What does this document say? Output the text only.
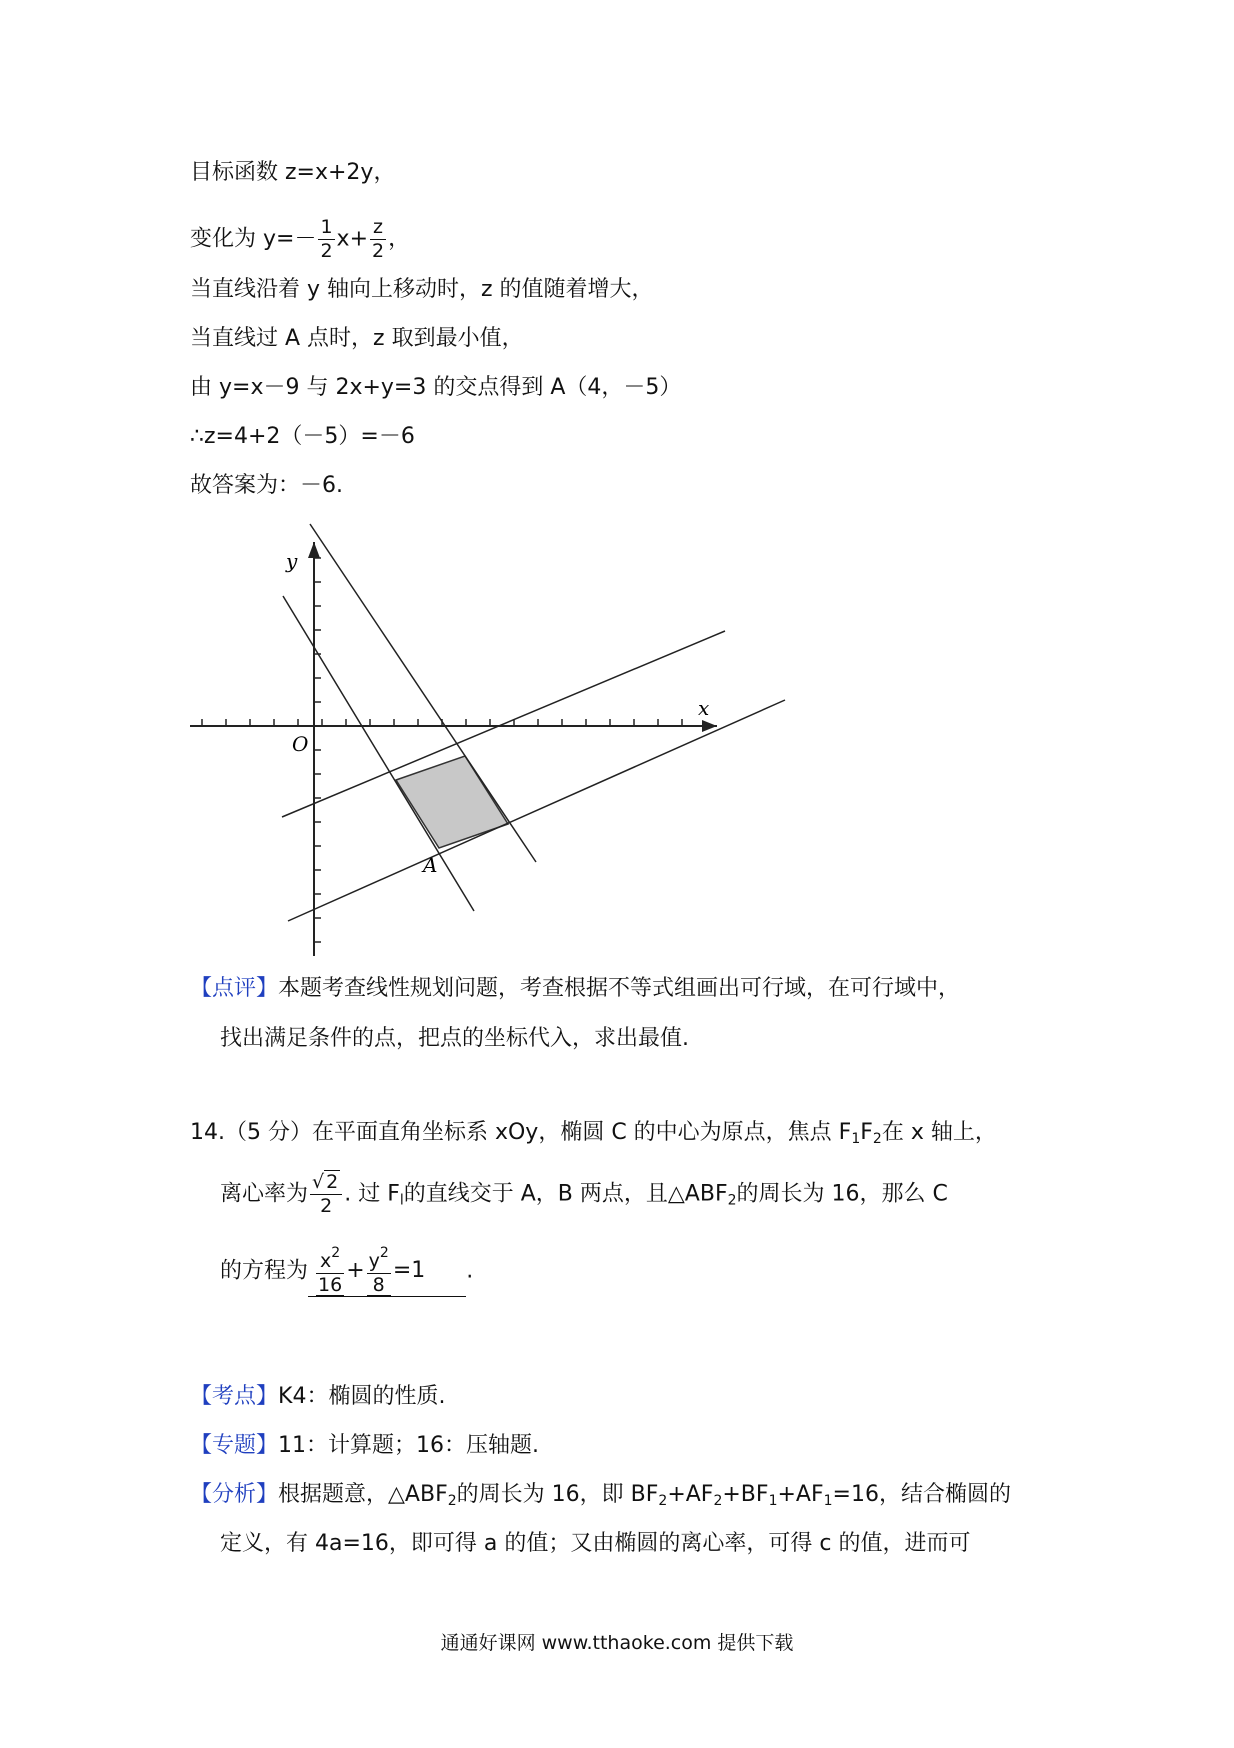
目标函数 z=x+2y，
变化为 $y=- \frac{1}{2} x+ \frac{z}{2}$ ，
当直线沿着 y 轴向上移动时，z 的值随着增大，
当直线过 A 点时，z 取到最小值，
由 y=x－9 与 2x+y=3 的交点得到 A（4，－5）
∴z=4+2（－5）=－6
故答案为：－6.
y
x
O
A
【点评】本题考查线性规划问题，考查根据不等式组画出可行域，在可行域中，
找出满足条件的点，把点的坐标代入，求出最值.
14.（5 分）在平面直角坐标系 xOy，椭圆 C 的中心为原点，焦点 $F_1F_2$在 x 轴上，
离心率为 $\frac{√ 2}{2}$ . 过 $F_l$的直线交于 A，B 两点，且$\triangle ABF_2$的周长为 16，那么 C
的方程为 $\frac{x^2}{16} + \frac{y^2}{8} =1$ .
【考点】K4：椭圆的性质.
【专题】11：计算题；16：压轴题.
【分析】根据题意，$\triangle ABF_2$的周长为 16，即 $BF_2+AF_2+BF_1+AF_1=16$，结合椭圆的
定义，有 4a=16，即可得 a 的值；又由椭圆的离心率，可得 c 的值，进而可
通通好课网 www.tthaoke.com 提供下载
